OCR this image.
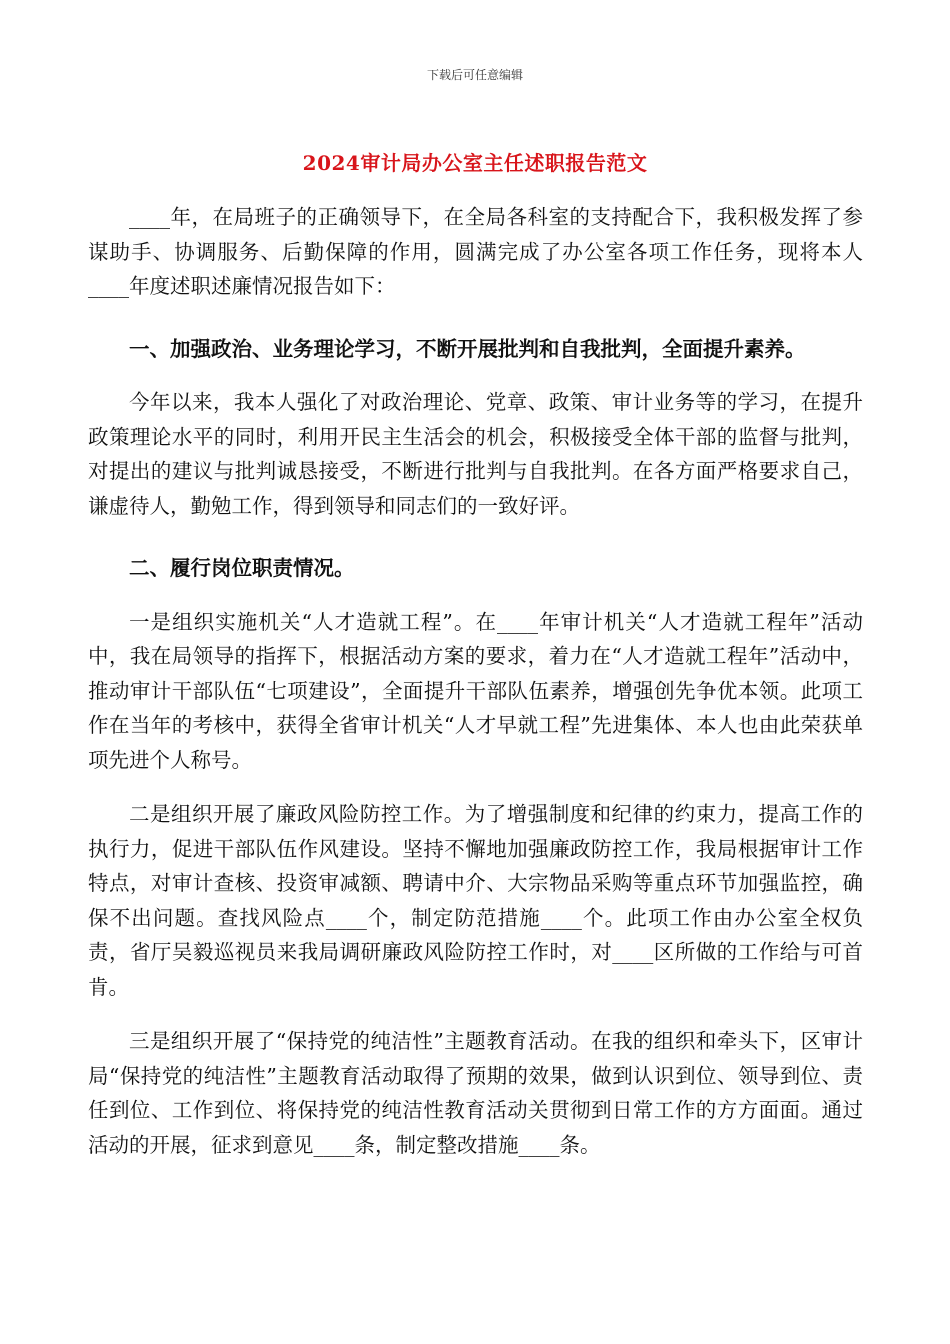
下载后可任意编辑
2024审计局办公室主任述职报告范文

____年，在局班子的正确领导下，在全局各科室的支持配合下，我积极发挥了参谋助手、协调服务、后勤保障的作用，圆满完成了办公室各项工作任务，现将本人____年度述职述廉情况报告如下：

一、加强政治、业务理论学习，不断开展批判和自我批判，全面提升素养。

今年以来，我本人强化了对政治理论、党章、政策、审计业务等的学习，在提升政策理论水平的同时，利用开民主生活会的机会，积极接受全体干部的监督与批判，对提出的建议与批判诚恳接受，不断进行批判与自我批判。在各方面严格要求自己，谦虚待人，勤勉工作，得到领导和同志们的一致好评。

二、履行岗位职责情况。

一是组织实施机关“人才造就工程”。在____年审计机关“人才造就工程年”活动中，我在局领导的指挥下，根据活动方案的要求，着力在“人才造就工程年”活动中，推动审计干部队伍“七项建设”，全面提升干部队伍素养，增强创先争优本领。此项工作在当年的考核中，获得全省审计机关“人才早就工程”先进集体、本人也由此荣获单项先进个人称号。

二是组织开展了廉政风险防控工作。为了增强制度和纪律的约束力，提高工作的执行力，促进干部队伍作风建设。坚持不懈地加强廉政防控工作，我局根据审计工作特点，对审计查核、投资审减额、聘请中介、大宗物品采购等重点环节加强监控，确保不出问题。查找风险点____个，制定防范措施____个。此项工作由办公室全权负责，省厅吴毅巡视员来我局调研廉政风险防控工作时，对____区所做的工作给与可首肯。

三是组织开展了“保持党的纯洁性”主题教育活动。在我的组织和牵头下，区审计局“保持党的纯洁性”主题教育活动取得了预期的效果，做到认识到位、领导到位、责任到位、工作到位、将保持党的纯洁性教育活动关贯彻到日常工作的方方面面。通过活动的开展，征求到意见____条，制定整改措施____条。
